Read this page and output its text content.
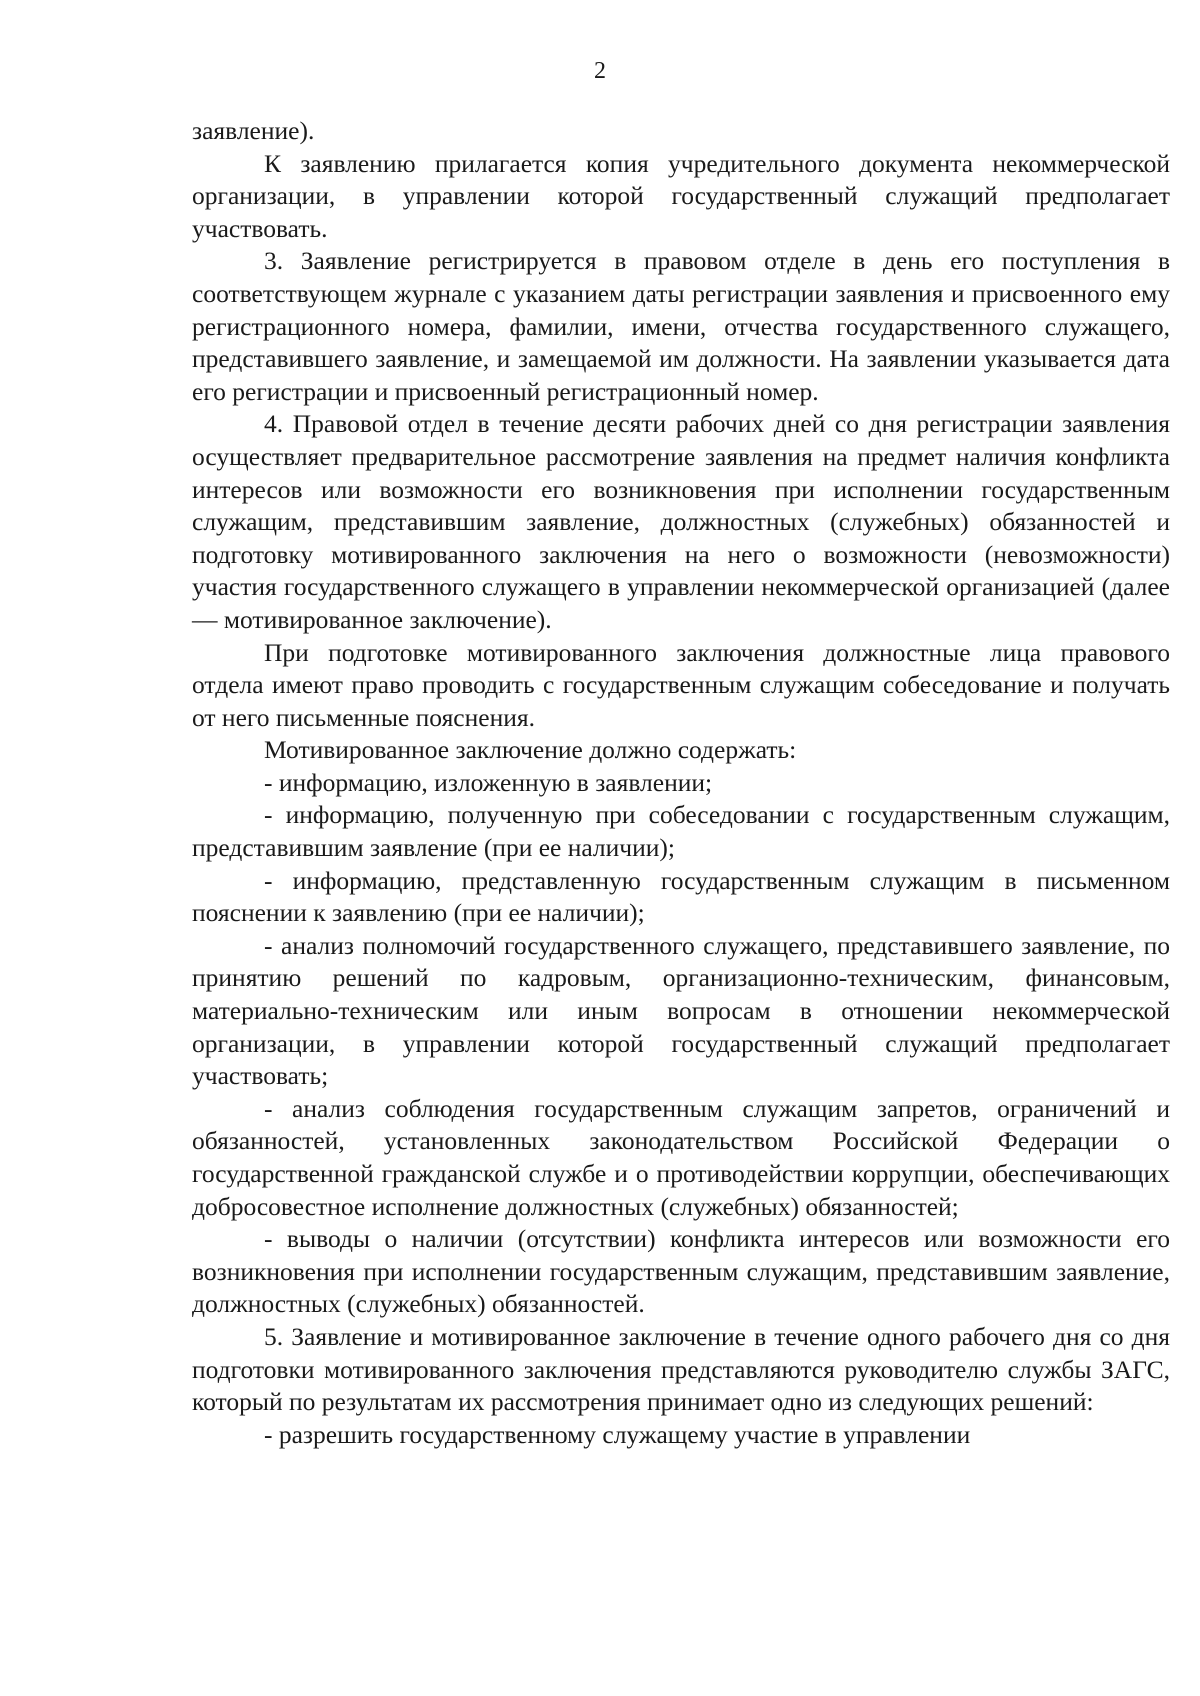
2

заявление).

К заявлению прилагается копия учредительного документа некоммерческой организации, в управлении которой государственный служащий предполагает участвовать.

3. Заявление регистрируется в правовом отделе в день его поступления в соответствующем журнале с указанием даты регистрации заявления и присвоенного ему регистрационного номера, фамилии, имени, отчества государственного служащего, представившего заявление, и замещаемой им должности. На заявлении указывается дата его регистрации и присвоенный регистрационный номер.

4. Правовой отдел в течение десяти рабочих дней со дня регистрации заявления осуществляет предварительное рассмотрение заявления на предмет наличия конфликта интересов или возможности его возникновения при исполнении государственным служащим, представившим заявление, должностных (служебных) обязанностей и подготовку мотивированного заключения на него о возможности (невозможности) участия государственного служащего в управлении некоммерческой организацией (далее — мотивированное заключение).

При подготовке мотивированного заключения должностные лица правового отдела имеют право проводить с государственным служащим собеседование и получать от него письменные пояснения.

Мотивированное заключение должно содержать:

- информацию, изложенную в заявлении;

- информацию, полученную при собеседовании с государственным служащим, представившим заявление (при ее наличии);

- информацию, представленную государственным служащим в письменном пояснении к заявлению (при ее наличии);

- анализ полномочий государственного служащего, представившего заявление, по принятию решений по кадровым, организационно-техническим, финансовым, материально-техническим или иным вопросам в отношении некоммерческой организации, в управлении которой государственный служащий предполагает участвовать;

- анализ соблюдения государственным служащим запретов, ограничений и обязанностей, установленных законодательством Российской Федерации о государственной гражданской службе и о противодействии коррупции, обеспечивающих добросовестное исполнение должностных (служебных) обязанностей;

- выводы о наличии (отсутствии) конфликта интересов или возможности его возникновения при исполнении государственным служащим, представившим заявление, должностных (служебных) обязанностей.

5. Заявление и мотивированное заключение в течение одного рабочего дня со дня подготовки мотивированного заключения представляются руководителю службы ЗАГС, который по результатам их рассмотрения принимает одно из следующих решений:

- разрешить государственному служащему участие в управлении
